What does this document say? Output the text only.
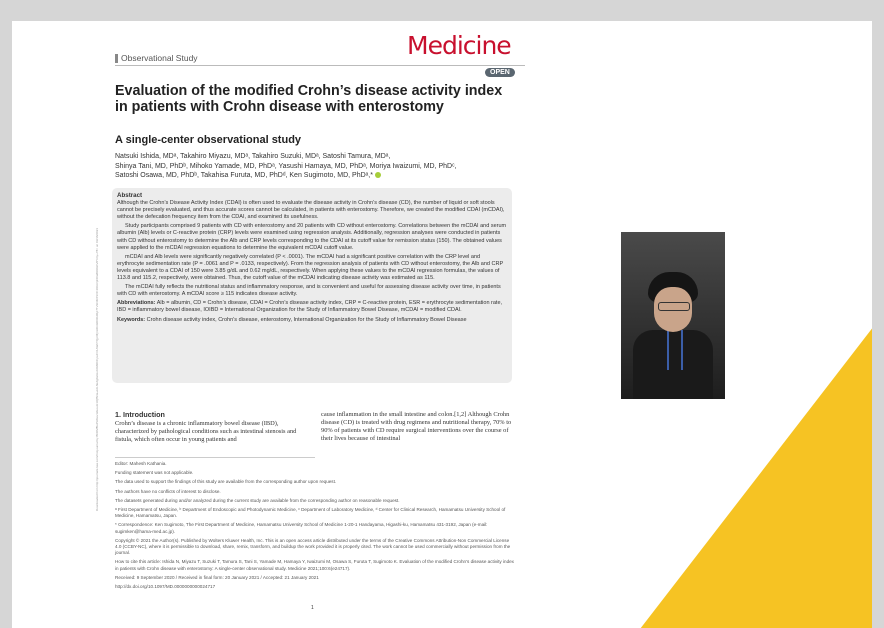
Downloaded from http://journals.lww.com/md-journal by BhDMf5ePHKav1zEoum1tQfN4a+kJLhEZgbsIHo4XMi0hCywCX1AWnYQp/IlQrHD3i3D0OdRyi7TvSFl4Cf3VC4/OAVpDDa8KKGKV0Ymy+78= on 03/16/2021
Observational Study	Medicine
OPEN
Evaluation of the modified Crohn’s disease activity index in patients with Crohn disease with enterostomy
A single-center observational study
Natsuki Ishida, MDᵃ, Takahiro Miyazu, MDᵃ, Takahiro Suzuki, MDᵃ, Satoshi Tamura, MDᵃ,
Shinya Tani, MD, PhDᵇ, Mihoko Yamade, MD, PhDᵃ, Yasushi Hamaya, MD, PhDᵃ, Moriya Iwaizumi, MD, PhDᶜ,
Satoshi Osawa, MD, PhDᵇ, Takahisa Furuta, MD, PhDᵈ, Ken Sugimoto, MD, PhDᵃ,*
Abstract

Although the Crohn’s Disease Activity Index (CDAI) is often used to evaluate the disease activity in Crohn’s disease (CD), the number of liquid or soft stools cannot be precisely evaluated, and thus accurate scores cannot be calculated, in patients with enterostomy. Therefore, we created the modified CDAI (mCDAI), without the defecation frequency item from the CDAI, and examined its usefulness.

Study participants comprised 9 patients with CD with enterostomy and 20 patients with CD without enterostomy. Correlations between the mCDAI and serum albumin (Alb) levels or C-reactive protein (CRP) levels were examined using regression analysis. Additionally, regression analyses were conducted in patients with CD without enterostomy to determine the Alb and CRP levels corresponding to the CDAI at its cutoff value for remission status (150). The obtained values were applied to the mCDAI regression equations to determine the equivalent mCDAI cutoff value.

mCDAI and Alb levels were significantly negatively correlated (P < .0001). The mCDAI had a significant positive correlation with the CRP level and erythrocyte sedimentation rate (P = .0061 and P = .0133, respectively). From the regression analysis of patients with CD without enterostomy, the Alb and CRP levels equivalent to a CDAI of 150 were 3.85 g/dL and 0.62 mg/dL, respectively. When applying these values to the mCDAI regression formulas, the values of 113.8 and 115.2, respectively, were obtained. Thus, the cutoff value of the mCDAI indicating disease activity was estimated as 115.

The mCDAI fully reflects the nutritional status and inflammatory response, and is convenient and useful for assessing disease activity over time, in patients with CD with enterostomy. A mCDAI score ≥ 115 indicates disease activity.

Abbreviations: Alb = albumin, CD = Crohn’s disease, CDAI = Crohn’s disease activity index, CRP = C-reactive protein, ESR = erythrocyte sedimentation rate, IBD = inflammatory bowel disease, IOIBD = International Organization for the Study of Inflammatory Bowel Disease, mCDAI = modified CDAI.

Keywords: Crohn disease activity index, Crohn’s disease, enterostomy, International Organization for the Study of Inflammatory Bowel Disease

1. Introduction
Crohn’s disease is a chronic inflammatory bowel disease (IBD), characterized by pathological conditions such as intestinal stenosis and fistula, which often occur in young patients and
cause inflammation in the small intestine and colon.[1,2] Although Crohn disease (CD) is treated with drug regimens and nutritional therapy, 70% to 90% of patients with CD require surgical interventions over the course of their lives because of intestinal
Editor: Mahesh Kathania.
Funding statement was not applicable.
The data used to support the findings of this study are available from the corresponding author upon request.
The authors have no conflicts of interest to disclose.
The datasets generated during and/or analyzed during the current study are available from the corresponding author on reasonable request.
ᵃ First Department of Medicine, ᵇ Department of Endoscopic and Photodynamic Medicine, ᶜ Department of Laboratory Medicine, ᵈ Center for Clinical Research, Hamamatsu University School of Medicine, Hamamatsu, Japan.
* Correspondence: Ken Sugimoto, The First Department of Medicine, Hamamatsu University School of Medicine 1-20-1 Handayama, Higashi-ku, Hamamatsu 431-3192, Japan (e-mail: sugimken@hama-med.ac.jp).
Copyright © 2021 the Author(s). Published by Wolters Kluwer Health, Inc. This is an open access article distributed under the terms of the Creative Commons Attribution-Non Commercial License 4.0 (CCBY-NC), where it is permissible to download, share, remix, transform, and buildup the work provided it is properly cited. The work cannot be used commercially without permission from the journal.
How to cite this article: Ishida N, Miyazu T, Suzuki T, Tamura S, Tani S, Yamade M, Hamaya Y, Iwaizumi M, Osawa S, Furuta T, Sugimoto K. Evaluation of the modified Crohn’s disease activity index in patients with Crohn disease with enterostomy: A single-center observational study. Medicine 2021;100:6(e24717).
Received: 9 September 2020 / Received in final form: 20 January 2021 / Accepted: 21 January 2021
http://dx.doi.org/10.1097/MD.0000000000024717
1
